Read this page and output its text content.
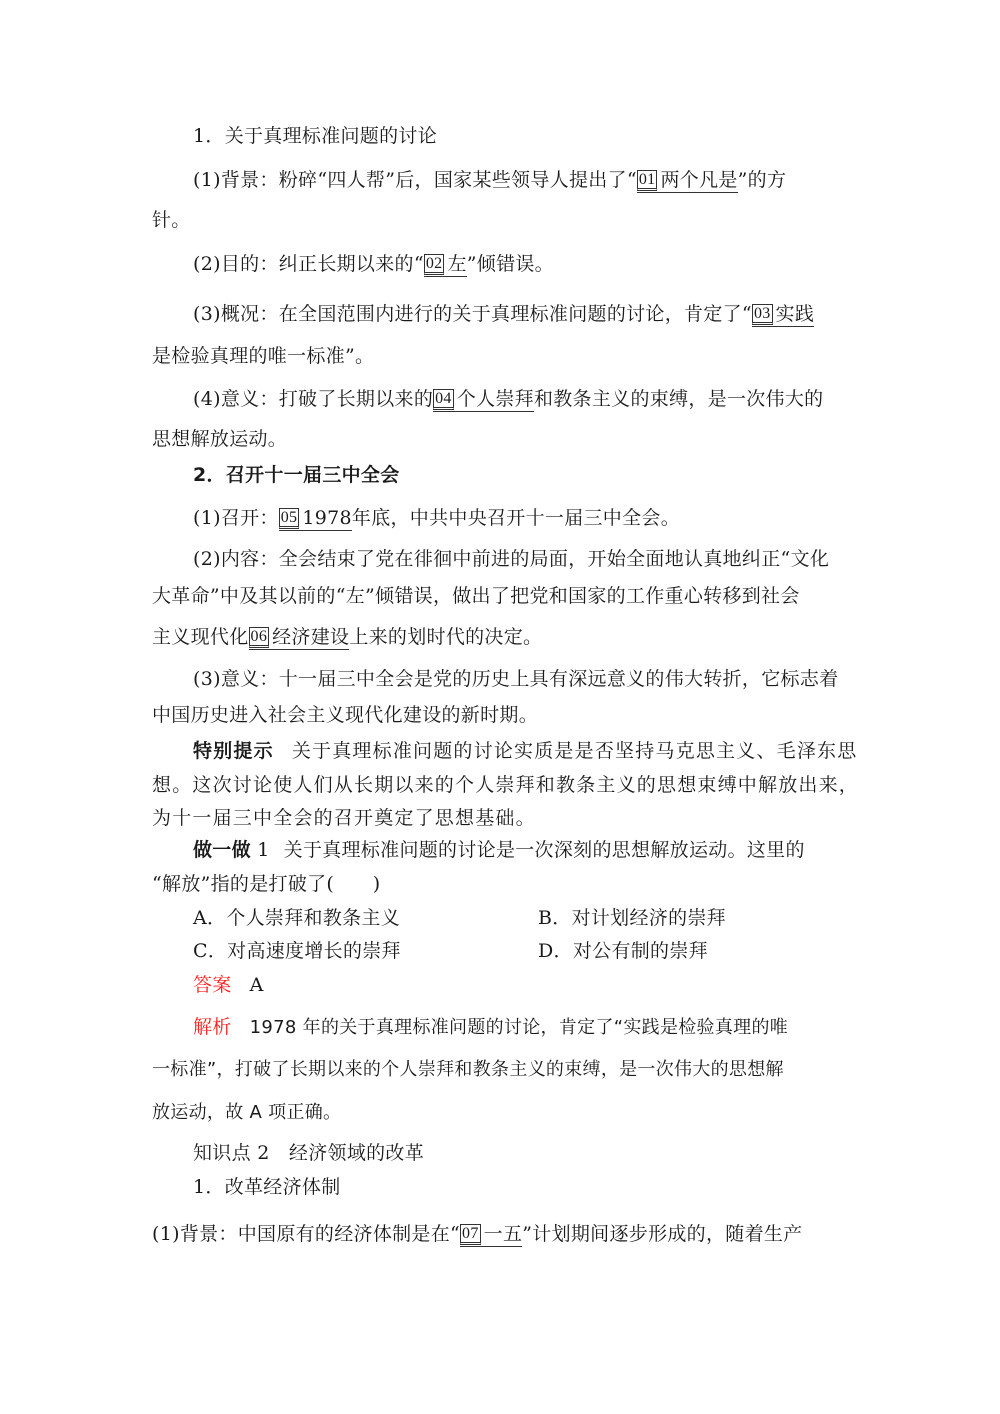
1．关于真理标准问题的讨论
(1)背景：粉碎“四人帮”后，国家某些领导人提出了“ 01 两个凡是”的方
针。
(2)目的：纠正长期以来的“ 02 左”倾错误。
(3)概况：在全国范围内进行的关于真理标准问题的讨论，肯定了“ 03 实践
是检验真理的唯一标准”。
(4)意义：打破了长期以来的 04 个人崇拜和教条主义的束缚，是一次伟大的
思想解放运动。
2．召开十一届三中全会
(1)召开： 05 1978年底，中共中央召开十一届三中全会。
(2)内容：全会结束了党在徘徊中前进的局面，开始全面地认真地纠正“文化
大革命”中及其以前的“左”倾错误，做出了把党和国家的工作重心转移到社会
主义现代化 06 经济建设上来的划时代的决定。
(3)意义：十一届三中全会是党的历史上具有深远意义的伟大转折，它标志着
中国历史进入社会主义现代化建设的新时期。
特别提示 关于真理标准问题的讨论实质是是否坚持马克思主义、毛泽东思
想。这次讨论使人们从长期以来的个人崇拜和教条主义的思想束缚中解放出来，
为十一届三中全会的召开奠定了思想基础。
做一做 1 关于真理标准问题的讨论是一次深刻的思想解放运动。这里的
“解放”指的是打破了(　　)
A．个人崇拜和教条主义	B．对计划经济的崇拜
C．对高速度增长的崇拜	D．对公有制的崇拜
答案 A
解析 1978 年的关于真理标准问题的讨论，肯定了“实践是检验真理的唯
一标准”，打破了长期以来的个人崇拜和教条主义的束缚，是一次伟大的思想解
放运动，故 A 项正确。
知识点 2　经济领域的改革
1．改革经济体制
(1)背景：中国原有的经济体制是在“ 07 一五”计划期间逐步形成的，随着生产
